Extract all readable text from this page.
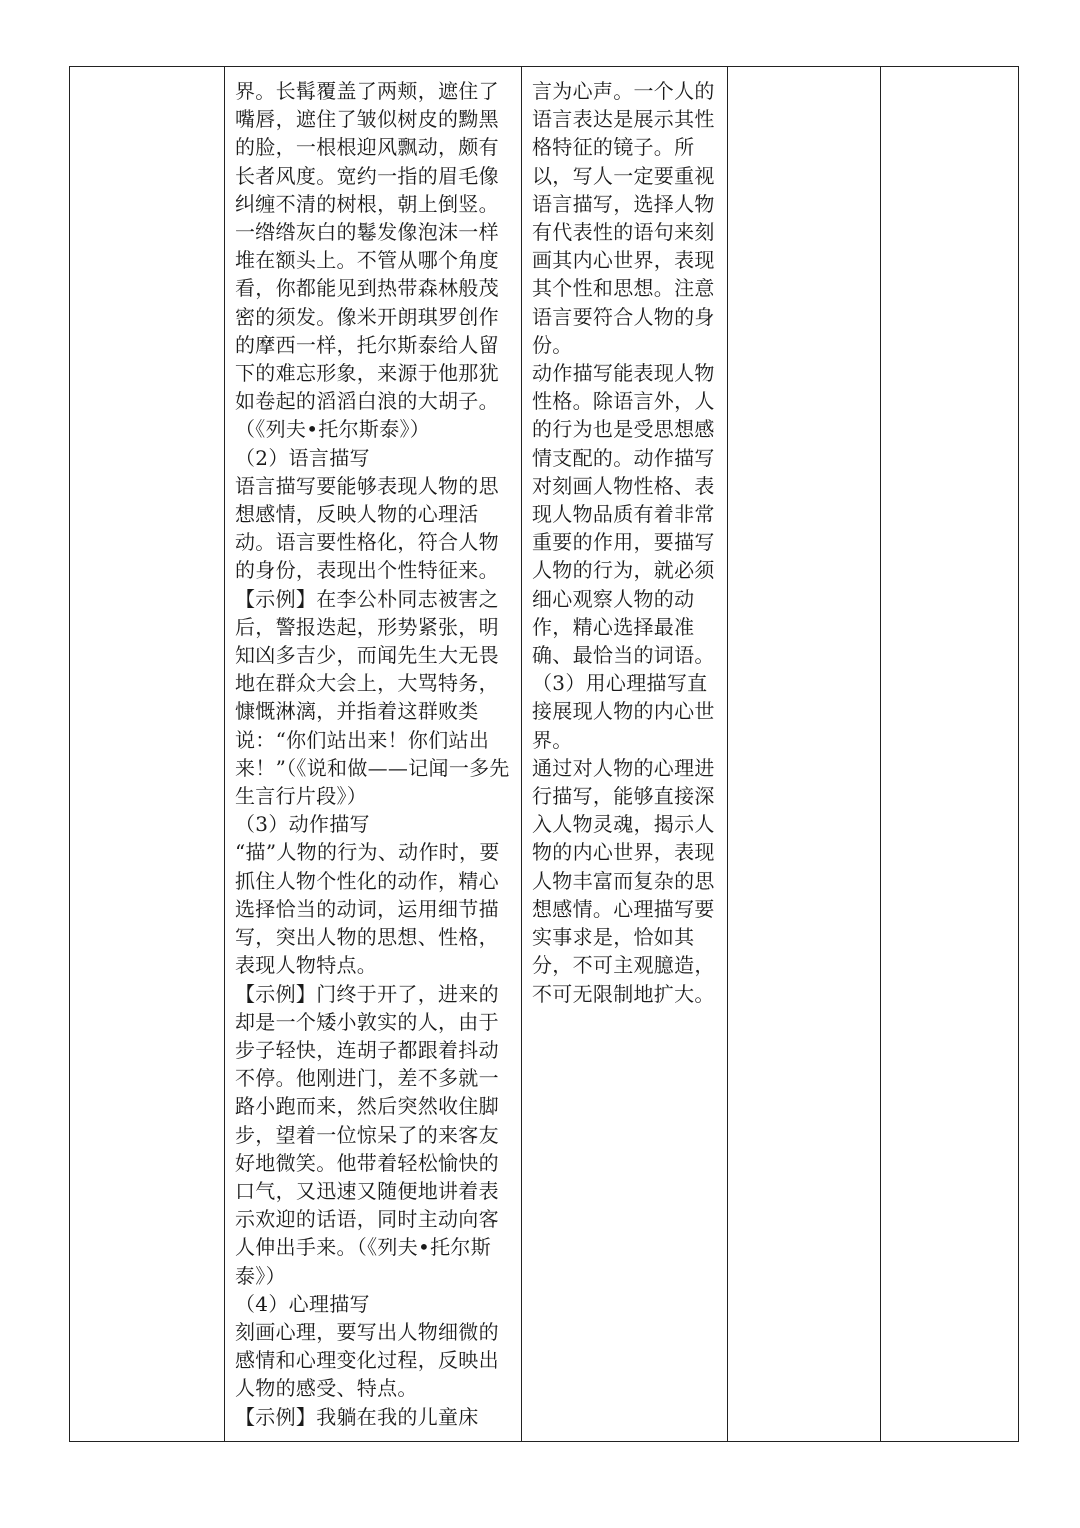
界。长髯覆盖了两颊，遮住了嘴唇，遮住了皱似树皮的黝黑的脸，一根根迎风飘动，颇有长者风度。宽约一指的眉毛像纠缠不清的树根，朝上倒竖。一绺绺灰白的鬈发像泡沫一样堆在额头上。不管从哪个角度看，你都能见到热带森林般茂密的须发。像米开朗琪罗创作的摩西一样，托尔斯泰给人留下的难忘形象，来源于他那犹如卷起的滔滔白浪的大胡子。（《列夫•托尔斯泰》）

（2）语言描写

语言描写要能够表现人物的思想感情，反映人物的心理活动。语言要性格化，符合人物的身份，表现出个性特征来。

【示例】在李公朴同志被害之后，警报迭起，形势紧张，明知凶多吉少，而闻先生大无畏地在群众大会上，大骂特务，慷慨淋漓，并指着这群败类说：“你们站出来！你们站出来！”（《说和做——记闻一多先生言行片段》）

（3）动作描写

“描”人物的行为、动作时，要抓住人物个性化的动作，精心选择恰当的动词，运用细节描写，突出人物的思想、性格，表现人物特点。

【示例】门终于开了，进来的却是一个矮小敦实的人，由于步子轻快，连胡子都跟着抖动不停。他刚进门，差不多就一路小跑而来，然后突然收住脚步，望着一位惊呆了的来客友好地微笑。他带着轻松愉快的口气，又迅速又随便地讲着表示欢迎的话语，同时主动向客人伸出手来。（《列夫•托尔斯泰》）

（4）心理描写

刻画心理，要写出人物细微的感情和心理变化过程，反映出人物的感受、特点。

【示例】我躺在我的儿童床

言为心声。一个人的语言表达是展示其性格特征的镜子。所以，写人一定要重视语言描写，选择人物有代表性的语句来刻画其内心世界，表现其个性和思想。注意语言要符合人物的身份。

动作描写能表现人物性格。除语言外，人的行为也是受思想感情支配的。动作描写对刻画人物性格、表现人物品质有着非常重要的作用，要描写人物的行为，就必须细心观察人物的动作，精心选择最准确、最恰当的词语。

（3）用心理描写直接展现人物的内心世界。

通过对人物的心理进行描写，能够直接深入人物灵魂，揭示人物的内心世界，表现人物丰富而复杂的思想感情。心理描写要实事求是，恰如其分，不可主观臆造，不可无限制地扩大。
